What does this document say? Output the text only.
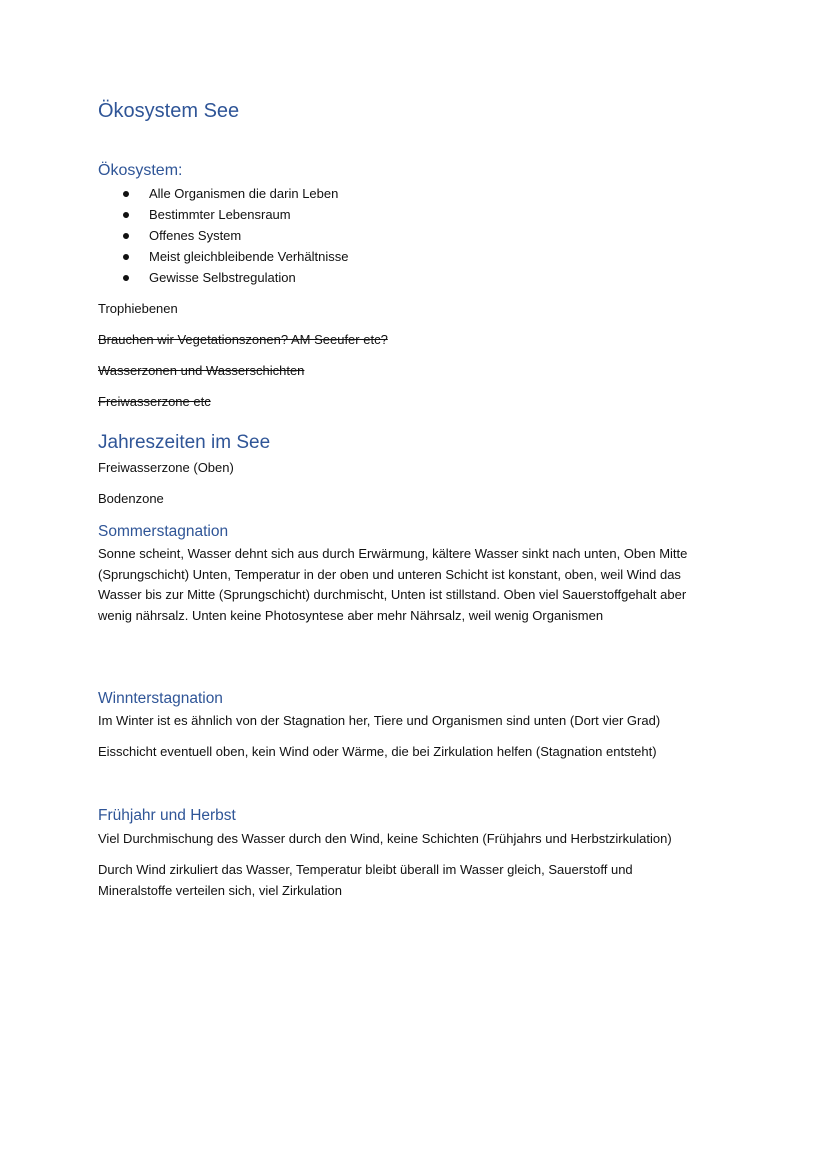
Ökosystem See
Ökosystem:
Alle Organismen die darin Leben
Bestimmter Lebensraum
Offenes System
Meist gleichbleibende Verhältnisse
Gewisse Selbstregulation

Trophiebenen

Brauchen wir Vegetationszonen? AM Seeufer etc?

Wasserzonen und Wasserschichten

Freiwasserzone etc

Jahreszeiten im See

Freiwasserzone (Oben)

Bodenzone

Sommerstagnation

Sonne scheint, Wasser dehnt sich aus durch Erwärmung, kältere Wasser sinkt nach unten, Oben Mitte (Sprungschicht) Unten, Temperatur in der oben und unteren Schicht ist konstant, oben, weil Wind das Wasser bis zur Mitte (Sprungschicht) durchmischt, Unten ist stillstand. Oben viel Sauerstoffgehalt aber wenig nährsalz. Unten keine Photosyntese aber mehr Nährsalz, weil wenig Organismen

Winnterstagnation

Im Winter ist es ähnlich von der Stagnation her, Tiere und Organismen sind unten (Dort vier Grad)

Eisschicht eventuell oben, kein Wind oder Wärme, die bei Zirkulation helfen (Stagnation entsteht)

Frühjahr und Herbst

Viel Durchmischung des Wasser durch den Wind, keine Schichten (Frühjahrs und Herbstzirkulation)

Durch Wind zirkuliert das Wasser, Temperatur bleibt überall im Wasser gleich, Sauerstoff und Mineralstoffe verteilen sich, viel Zirkulation
